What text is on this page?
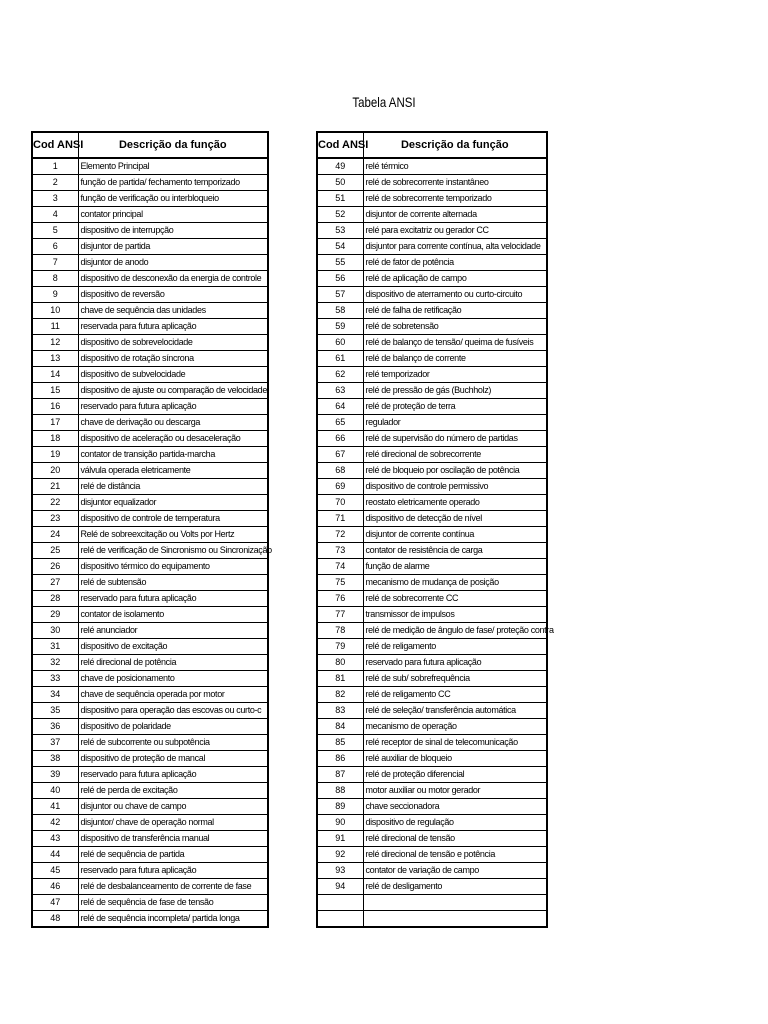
Tabela ANSI
Cod ANSI	Descrição da função
1	Elemento Principal
2	função de partida/ fechamento temporizado
3	função de verificação ou interbloqueio
4	contator principal
5	dispositivo de interrupção
6	disjuntor de partida
7	disjuntor de anodo
8	dispositivo de desconexão da energia de controle
9	dispositivo de reversão
10	chave de sequência das unidades
11	reservada para futura aplicação
12	dispositivo de sobrevelocidade
13	dispositivo de rotação síncrona
14	dispositivo de subvelocidade
15	dispositivo de ajuste ou comparação de velocidade
16	reservado para futura aplicação
17	chave de derivação ou descarga
18	dispositivo de aceleração ou desaceleração
19	contator de transição partida-marcha
20	válvula operada eletricamente
21	relé de distância
22	disjuntor equalizador
23	dispositivo de controle de temperatura
24	Relé de sobreexcitação ou Volts por Hertz
25	relé de verificação de Sincronismo ou Sincronização
26	dispositivo térmico do equipamento
27	relé de subtensão
28	reservado para futura aplicação
29	contator de isolamento
30	relé anunciador
31	dispositivo de excitação
32	relé direcional de potência
33	chave de posicionamento
34	chave de sequência operada por motor
35	dispositivo para operação das escovas ou curto-c
36	dispositivo de polaridade
37	relé de subcorrente ou subpotência
38	dispositivo de proteção de mancal
39	reservado para futura aplicação
40	relé de perda de excitação
41	disjuntor ou chave de campo
42	disjuntor/ chave de operação normal
43	dispositivo de transferência manual
44	relé de sequência de partida
45	reservado para futura aplicação
46	relé de desbalanceamento de corrente de fase
47	relé de sequência de fase de tensão
48	relé de sequência incompleta/ partida longa
Cod ANSI	Descrição da função
49	relé térmico
50	relé de sobrecorrente instantâneo
51	relé de sobrecorrente temporizado
52	disjuntor de corrente alternada
53	relé para excitatriz ou gerador CC
54	disjuntor para corrente contínua, alta velocidade
55	relé de fator de potência
56	relé de aplicação de campo
57	dispositivo de aterramento ou curto-circuito
58	relé de falha de retificação
59	relé de sobretensão
60	relé de balanço de tensão/ queima de fusíveis
61	relé de balanço de corrente
62	relé temporizador
63	relé de pressão de gás (Buchholz)
64	relé de proteção de terra
65	regulador
66	relé de supervisão do número de partidas
67	relé direcional de sobrecorrente
68	relé de bloqueio por oscilação de potência
69	dispositivo de controle permissivo
70	reostato eletricamente operado
71	dispositivo de detecção de nível
72	disjuntor de corrente contínua
73	contator de resistência de carga
74	função de alarme
75	mecanismo de mudança de posição
76	relé de sobrecorrente CC
77	transmissor de impulsos
78	relé de medição de ângulo de fase/ proteção contra
79	relé de religamento
80	reservado para futura aplicação
81	relé de sub/ sobrefrequência
82	relé de religamento CC
83	relé de seleção/ transferência automática
84	mecanismo de operação
85	relé receptor de sinal de telecomunicação
86	relé auxiliar de bloqueio
87	relé de proteção diferencial
88	motor auxiliar ou motor gerador
89	chave seccionadora
90	dispositivo de regulação
91	relé direcional de tensão
92	relé direcional de tensão e potência
93	contator de variação de campo
94	relé de desligamento
